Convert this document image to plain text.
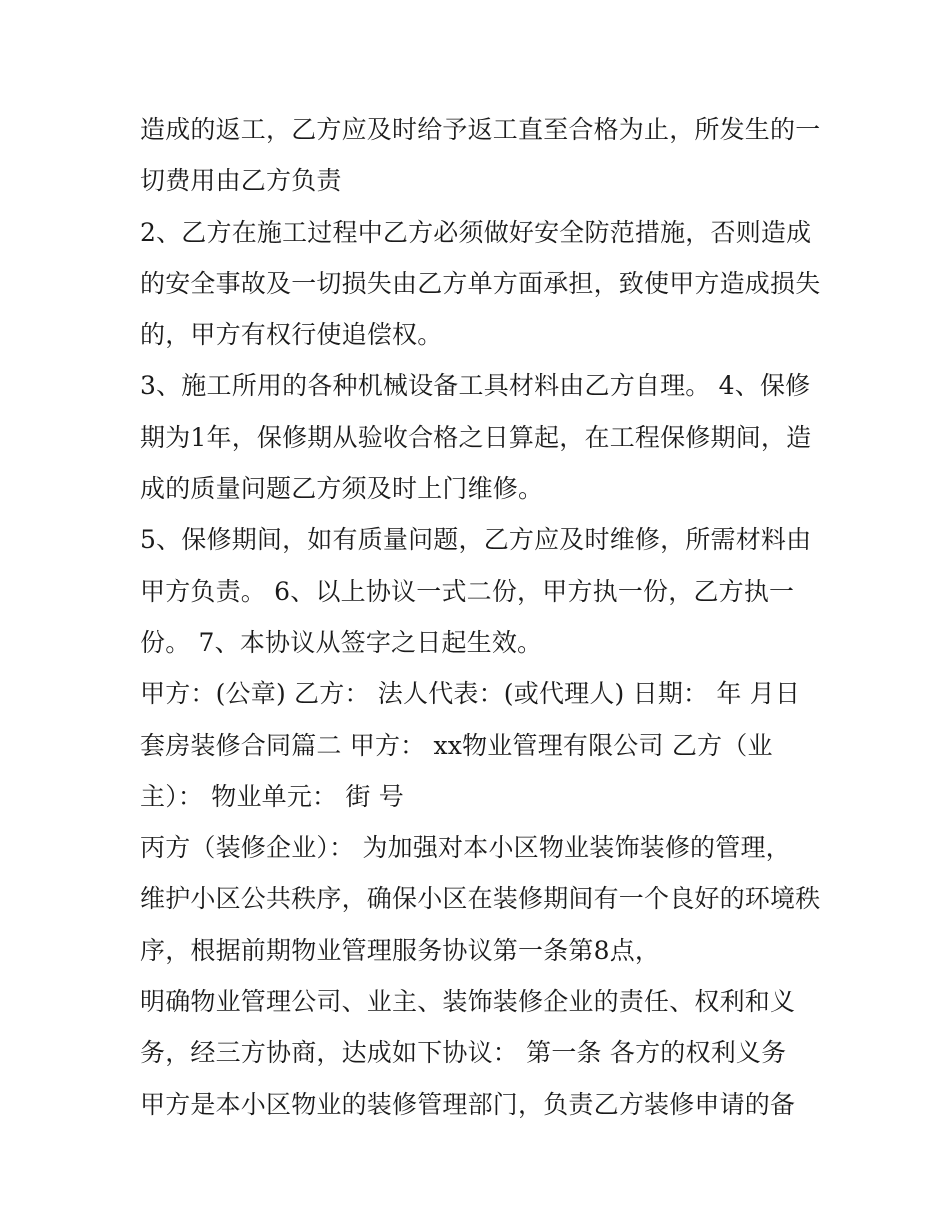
造成的返工，乙方应及时给予返工直至合格为止，所发生的一
切费用由乙方负责
2、乙方在施工过程中乙方必须做好安全防范措施，否则造成
的安全事故及一切损失由乙方单方面承担，致使甲方造成损失
的，甲方有权行使追偿权。
3、施工所用的各种机械设备工具材料由乙方自理。 4、保修
期为1年，保修期从验收合格之日算起，在工程保修期间，造
成的质量问题乙方须及时上门维修。
5、保修期间，如有质量问题，乙方应及时维修，所需材料由
甲方负责。 6、以上协议一式二份，甲方执一份，乙方执一
份。 7、本协议从签字之日起生效。
甲方：(公章) 乙方： 法人代表：(或代理人) 日期： 年 月日
套房装修合同篇二 甲方： xx物业管理有限公司 乙方（业
主）： 物业单元： 街 号
丙方（装修企业）： 为加强对本小区物业装饰装修的管理，
维护小区公共秩序，确保小区在装修期间有一个良好的环境秩
序，根据前期物业管理服务协议第一条第8点，
明确物业管理公司、业主、装饰装修企业的责任、权利和义
务，经三方协商，达成如下协议： 第一条 各方的权利义务
甲方是本小区物业的装修管理部门，负责乙方装修申请的备
